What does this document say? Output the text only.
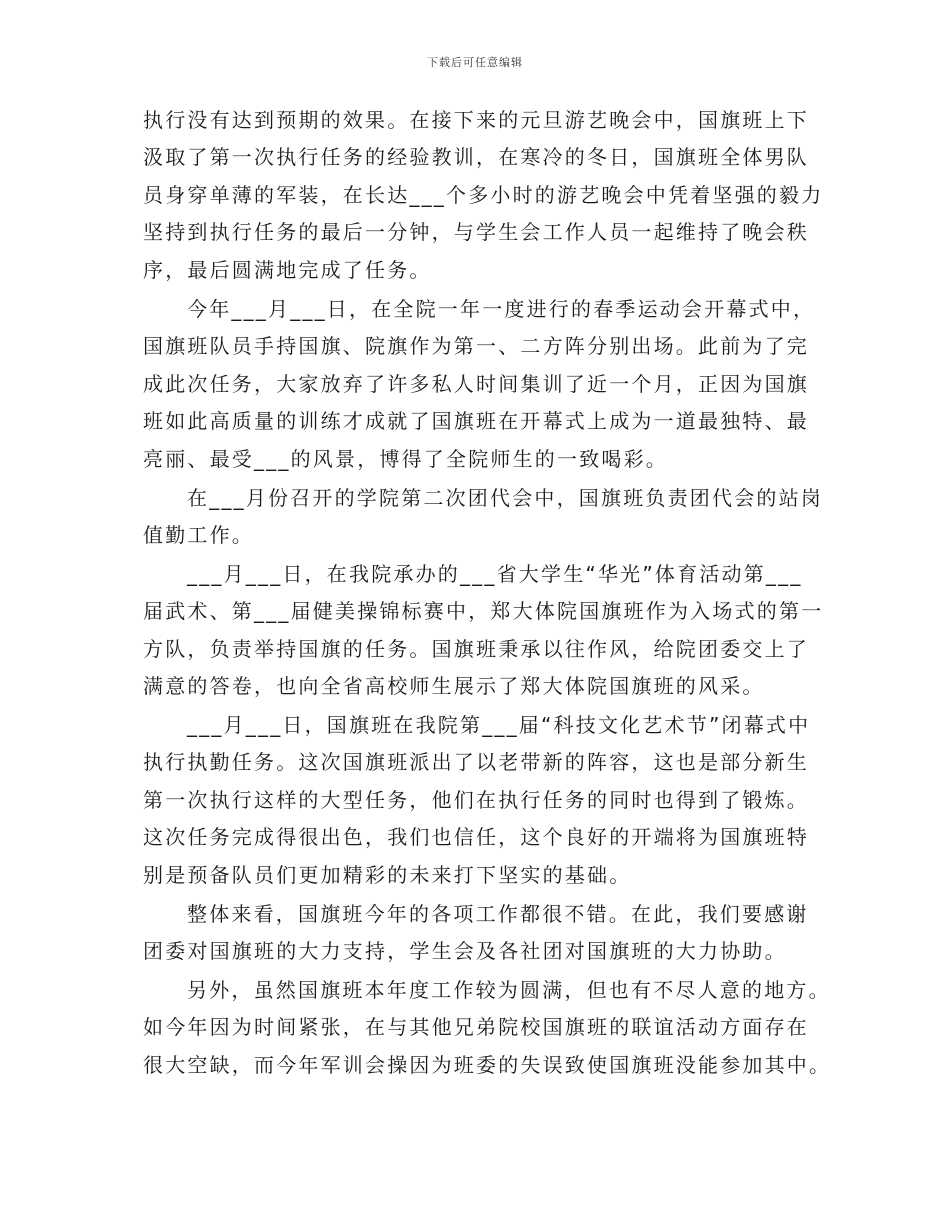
下载后可任意编辑
执行没有达到预期的效果。在接下来的元旦游艺晚会中，国旗班上下
汲取了第一次执行任务的经验教训，在寒冷的冬日，国旗班全体男队
员身穿单薄的军装，在长达___个多小时的游艺晚会中凭着坚强的毅力
坚持到执行任务的最后一分钟，与学生会工作人员一起维持了晚会秩
序，最后圆满地完成了任务。
今年___月___日，在全院一年一度进行的春季运动会开幕式中，
国旗班队员手持国旗、院旗作为第一、二方阵分别出场。此前为了完
成此次任务，大家放弃了许多私人时间集训了近一个月，正因为国旗
班如此高质量的训练才成就了国旗班在开幕式上成为一道最独特、最
亮丽、最受___的风景，博得了全院师生的一致喝彩。
在___月份召开的学院第二次团代会中，国旗班负责团代会的站岗
值勤工作。
___月___日，在我院承办的___省大学生“华光”体育活动第___
届武术、第___届健美操锦标赛中，郑大体院国旗班作为入场式的第一
方队，负责举持国旗的任务。国旗班秉承以往作风，给院团委交上了
满意的答卷，也向全省高校师生展示了郑大体院国旗班的风采。
___月___日，国旗班在我院第___届“科技文化艺术节”闭幕式中
执行执勤任务。这次国旗班派出了以老带新的阵容，这也是部分新生
第一次执行这样的大型任务，他们在执行任务的同时也得到了锻炼。
这次任务完成得很出色，我们也信任，这个良好的开端将为国旗班特
别是预备队员们更加精彩的未来打下坚实的基础。
整体来看，国旗班今年的各项工作都很不错。在此，我们要感谢
团委对国旗班的大力支持，学生会及各社团对国旗班的大力协助。
另外，虽然国旗班本年度工作较为圆满，但也有不尽人意的地方。
如今年因为时间紧张，在与其他兄弟院校国旗班的联谊活动方面存在
很大空缺，而今年军训会操因为班委的失误致使国旗班没能参加其中。
